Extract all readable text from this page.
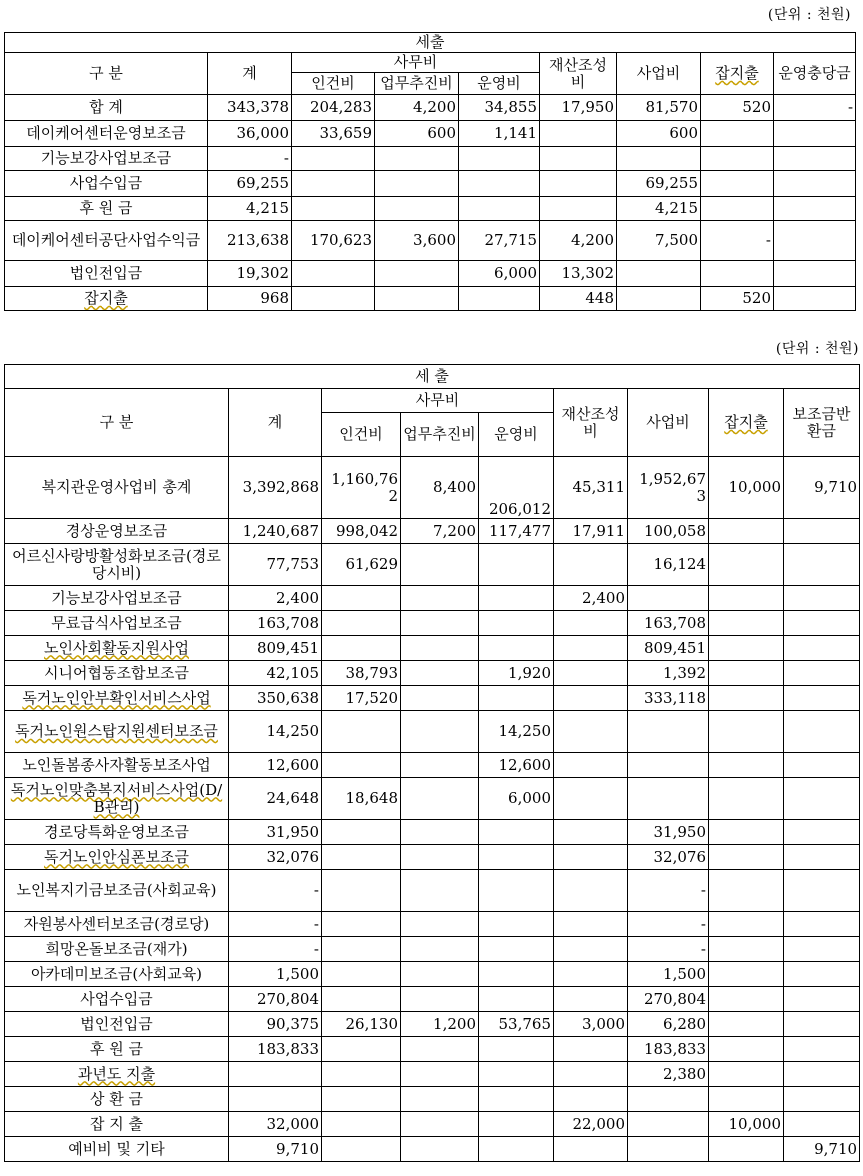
(단위 : 천원)
세출								
구 분	계	사무비			재산조성비	사업비	잡지출	운영충당금
		인건비	업무추진비	운영비				
합 계	343,378	204,283	4,200	34,855	17,950	81,570	520	-
데이케어센터운영보조금	36,000	33,659	600	1,141		600		
기능보강사업보조금	-							
사업수입금	69,255					69,255		
후 원 금	4,215					4,215		
데이케어센터공단사업수익금	213,638	170,623	3,600	27,715	4,200	7,500	-	
법인전입금	19,302			6,000	13,302			
잡지출	968				448		520	
(단위 : 천원)
세 출								
구 분	계	사무비			재산조성비	사업비	잡지출	보조금반환금
		인건비	업무추진비	운영비				
복지관운영사업비 총계	3,392,868	1,160,762	8,400	206,012	45,311	1,952,673	10,000	9,710
경상운영보조금	1,240,687	998,042	7,200	117,477	17,911	100,058		
어르신사랑방활성화보조금(경로당시비)	77,753	61,629				16,124		
기능보강사업보조금	2,400				2,400			
무료급식사업보조금	163,708					163,708		
노인사회활동지원사업	809,451					809,451		
시니어협동조합보조금	42,105	38,793		1,920		1,392		
독거노인안부확인서비스사업	350,638	17,520				333,118		
독거노인원스탑지원센터보조금	14,250			14,250				
노인돌봄종사자활동보조사업	12,600			12,600				
독거노인맞춤복지서비스사업(D/B관리)	24,648	18,648		6,000				
경로당특화운영보조금	31,950					31,950		
독거노인안심폰보조금	32,076					32,076		
노인복지기금보조금(사회교육)	-					-		
자원봉사센터보조금(경로당)	-					-		
희망온돌보조금(재가)	-					-		
아카데미보조금(사회교육)	1,500					1,500		
사업수입금	270,804					270,804		
법인전입금	90,375	26,130	1,200	53,765	3,000	6,280		
후 원 금	183,833					183,833		
과년도 지출						2,380		
상 환 금								
잡 지 출	32,000				22,000		10,000	
예비비 및 기타	9,710							9,710
